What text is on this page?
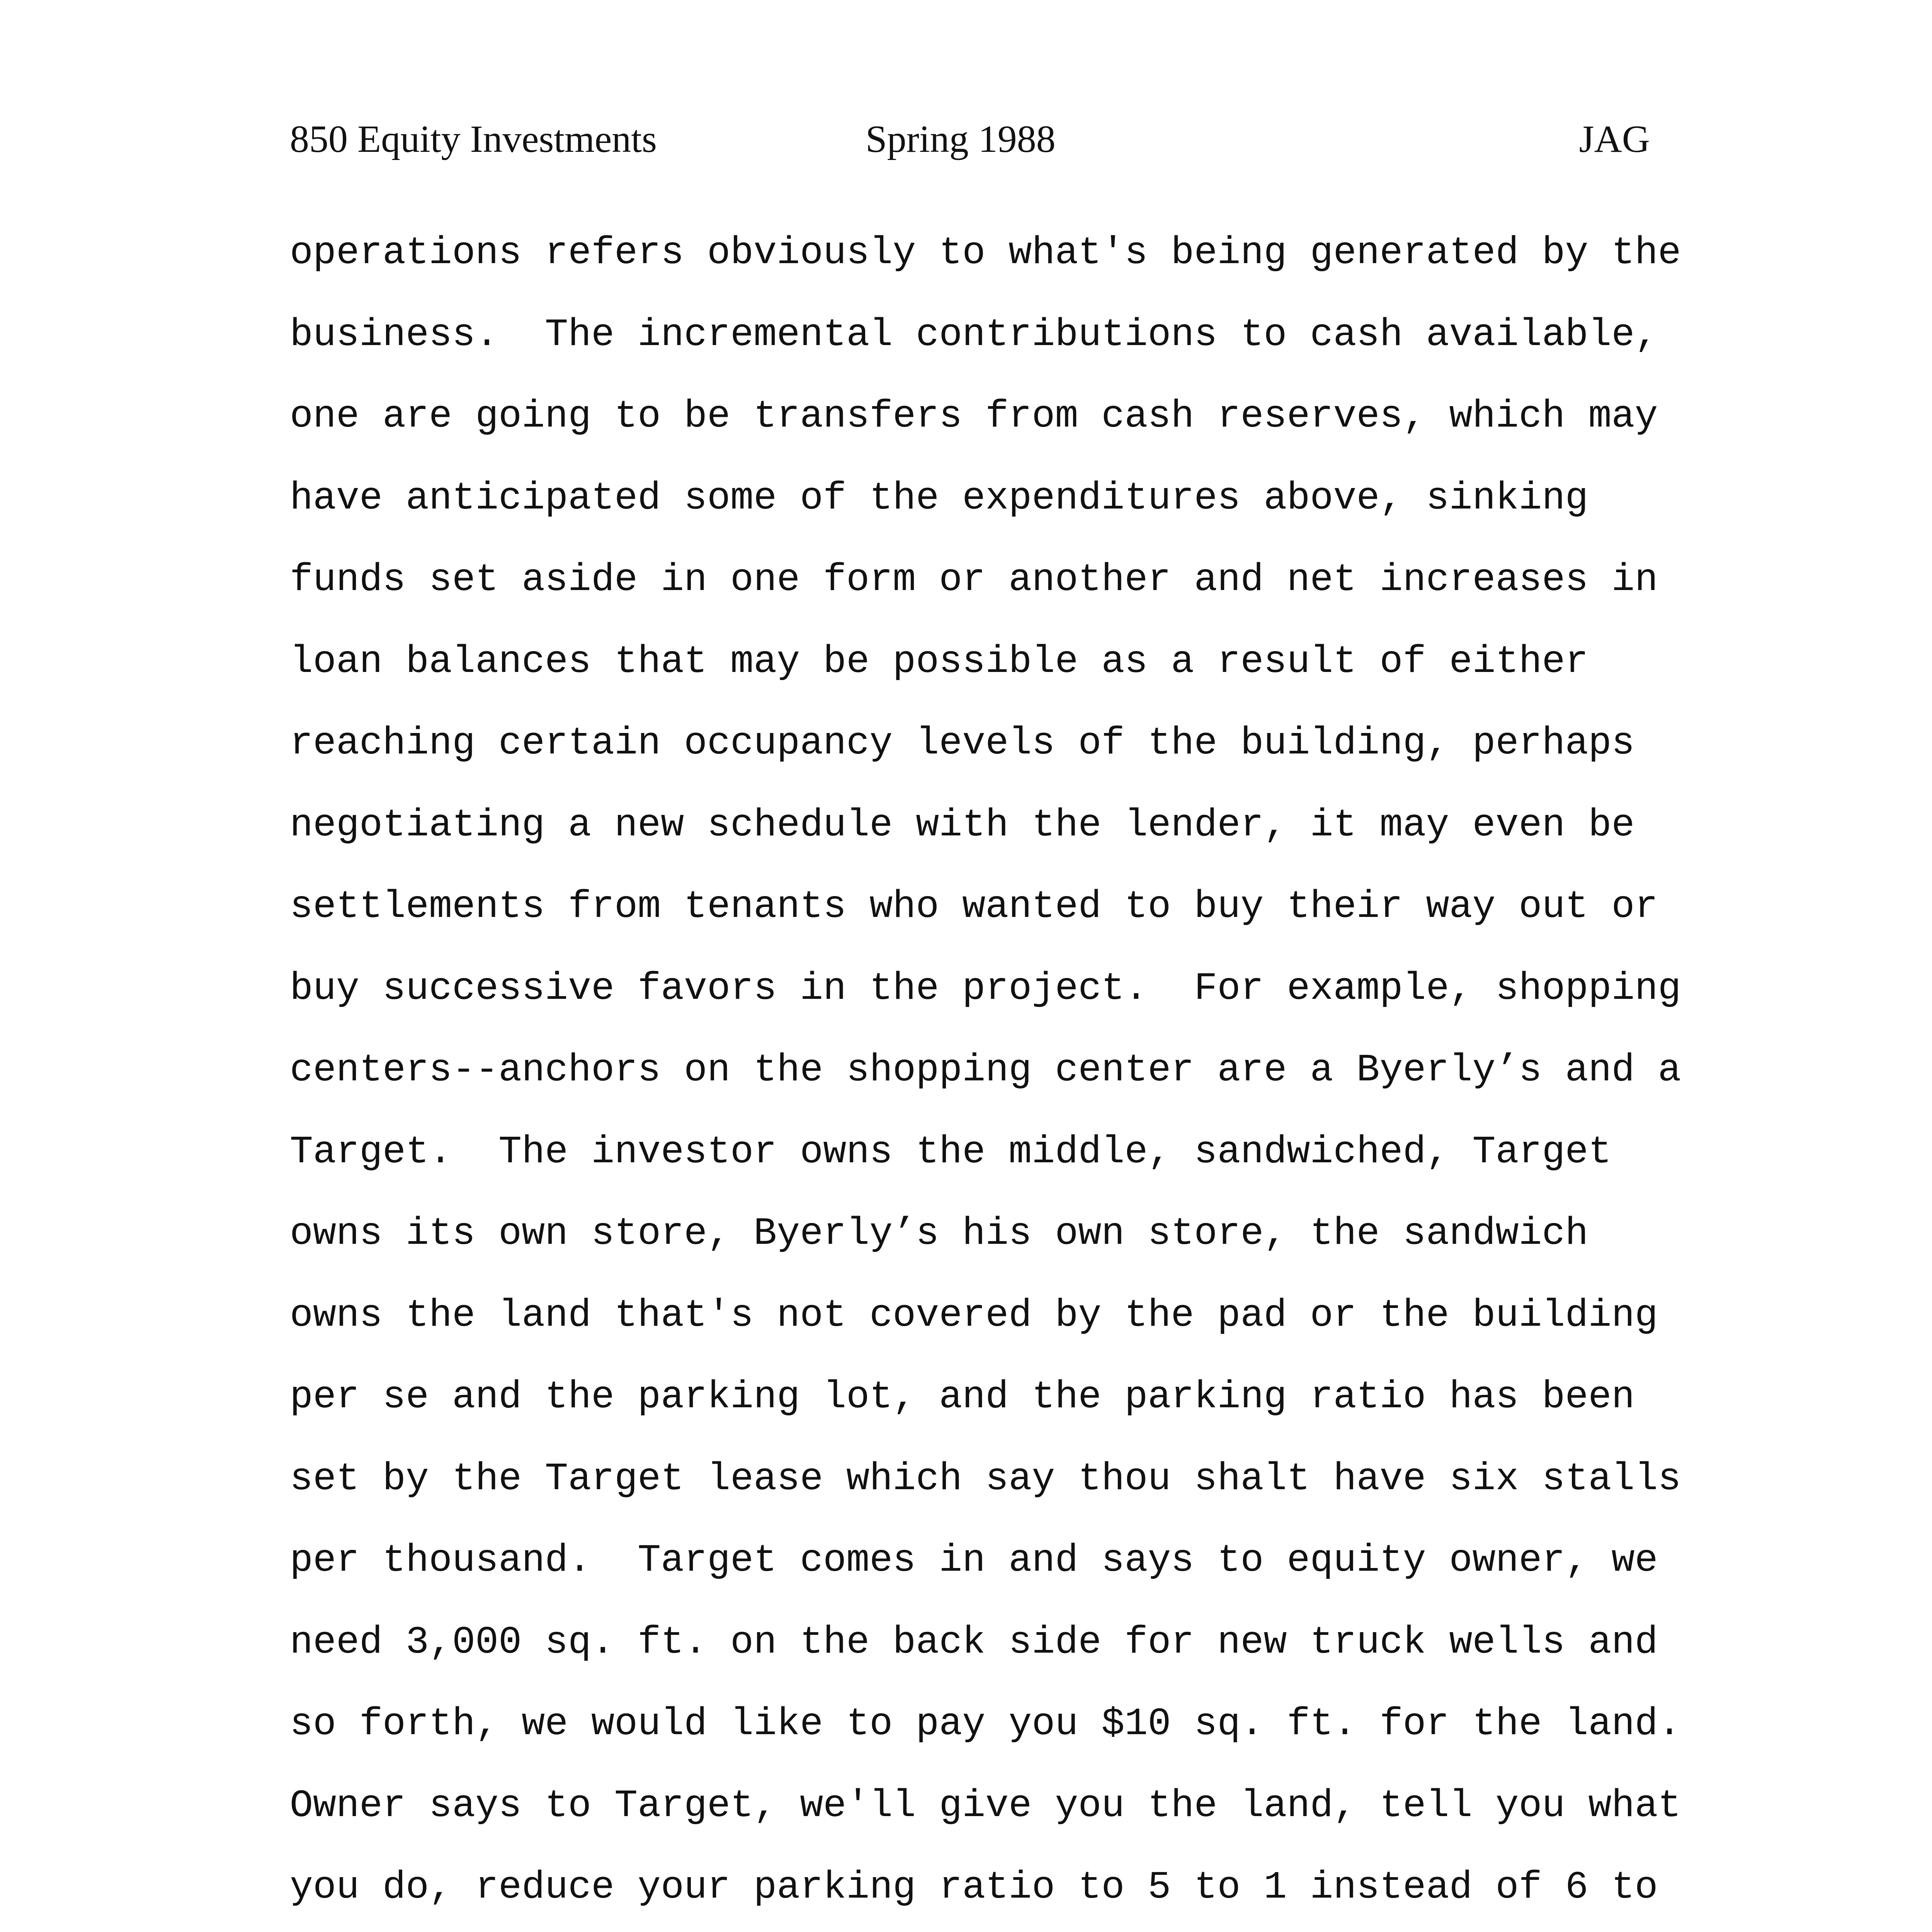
850 Equity Investments	Spring 1988	JAG
operations refers obviously to what's being generated by the
business.  The incremental contributions to cash available,
one are going to be transfers from cash reserves, which may
have anticipated some of the expenditures above, sinking
funds set aside in one form or another and net increases in
loan balances that may be possible as a result of either
reaching certain occupancy levels of the building, perhaps
negotiating a new schedule with the lender, it may even be
settlements from tenants who wanted to buy their way out or
buy successive favors in the project.  For example, shopping
centers--anchors on the shopping center are a Byerly’s and a
Target.  The investor owns the middle, sandwiched, Target
owns its own store, Byerly’s his own store, the sandwich
owns the land that's not covered by the pad or the building
per se and the parking lot, and the parking ratio has been
set by the Target lease which say thou shalt have six stalls
per thousand.  Target comes in and says to equity owner, we
need 3,000 sq. ft. on the back side for new truck wells and
so forth, we would like to pay you $10 sq. ft. for the land.
Owner says to Target, we'll give you the land, tell you what
you do, reduce your parking ratio to 5 to 1 instead of 6 to
